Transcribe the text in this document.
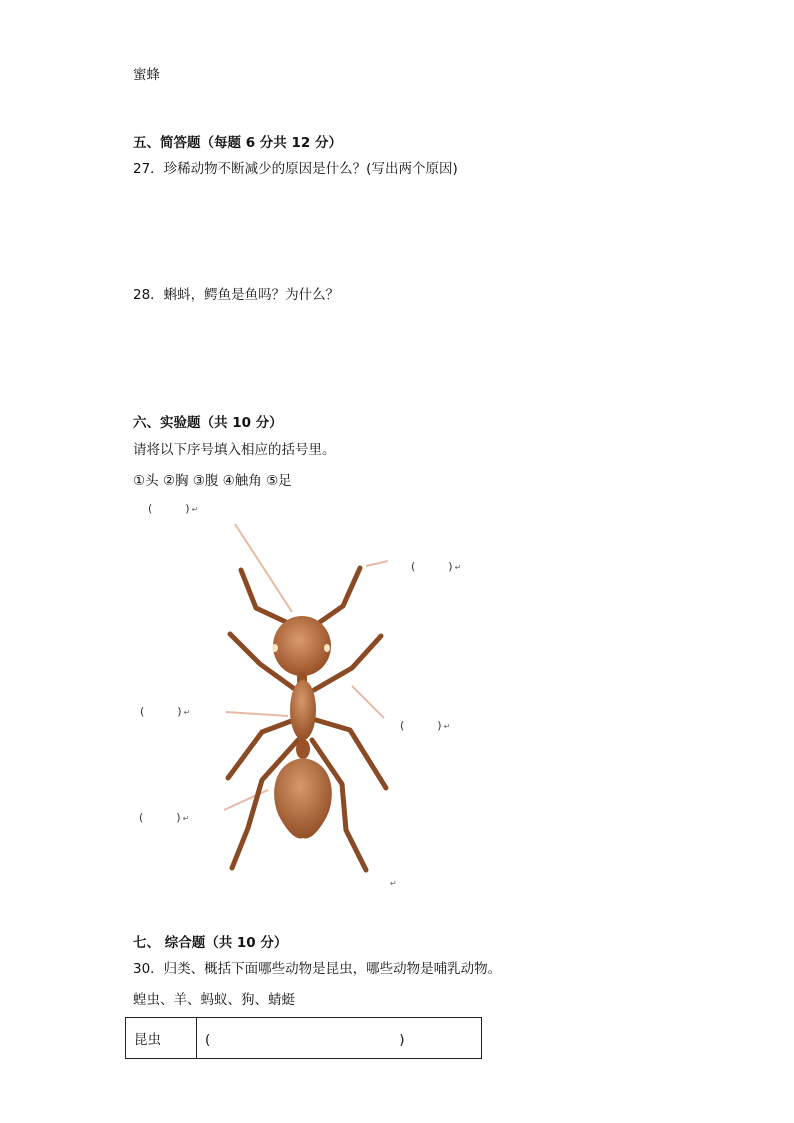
蜜蜂
五、简答题（每题 6 分共 12 分）
27．珍稀动物不断减少的原因是什么？(写出两个原因)
28．蝌蚪，鳄鱼是鱼吗？为什么？
六、实验题（共 10 分）
请将以下序号填入相应的括号里。
①头 ②胸 ③腹 ④触角 ⑤足
(　　　) ↵
(　　　) ↵
(　　　) ↵
(　　　) ↵
(　　　) ↵
↵
七、 综合题（共 10 分）
30．归类、概括下面哪些动物是昆虫，哪些动物是哺乳动物。
蝗虫、羊、蚂蚁、狗、蜻蜓
昆虫	(　　　　　　　　　　　　　　)
